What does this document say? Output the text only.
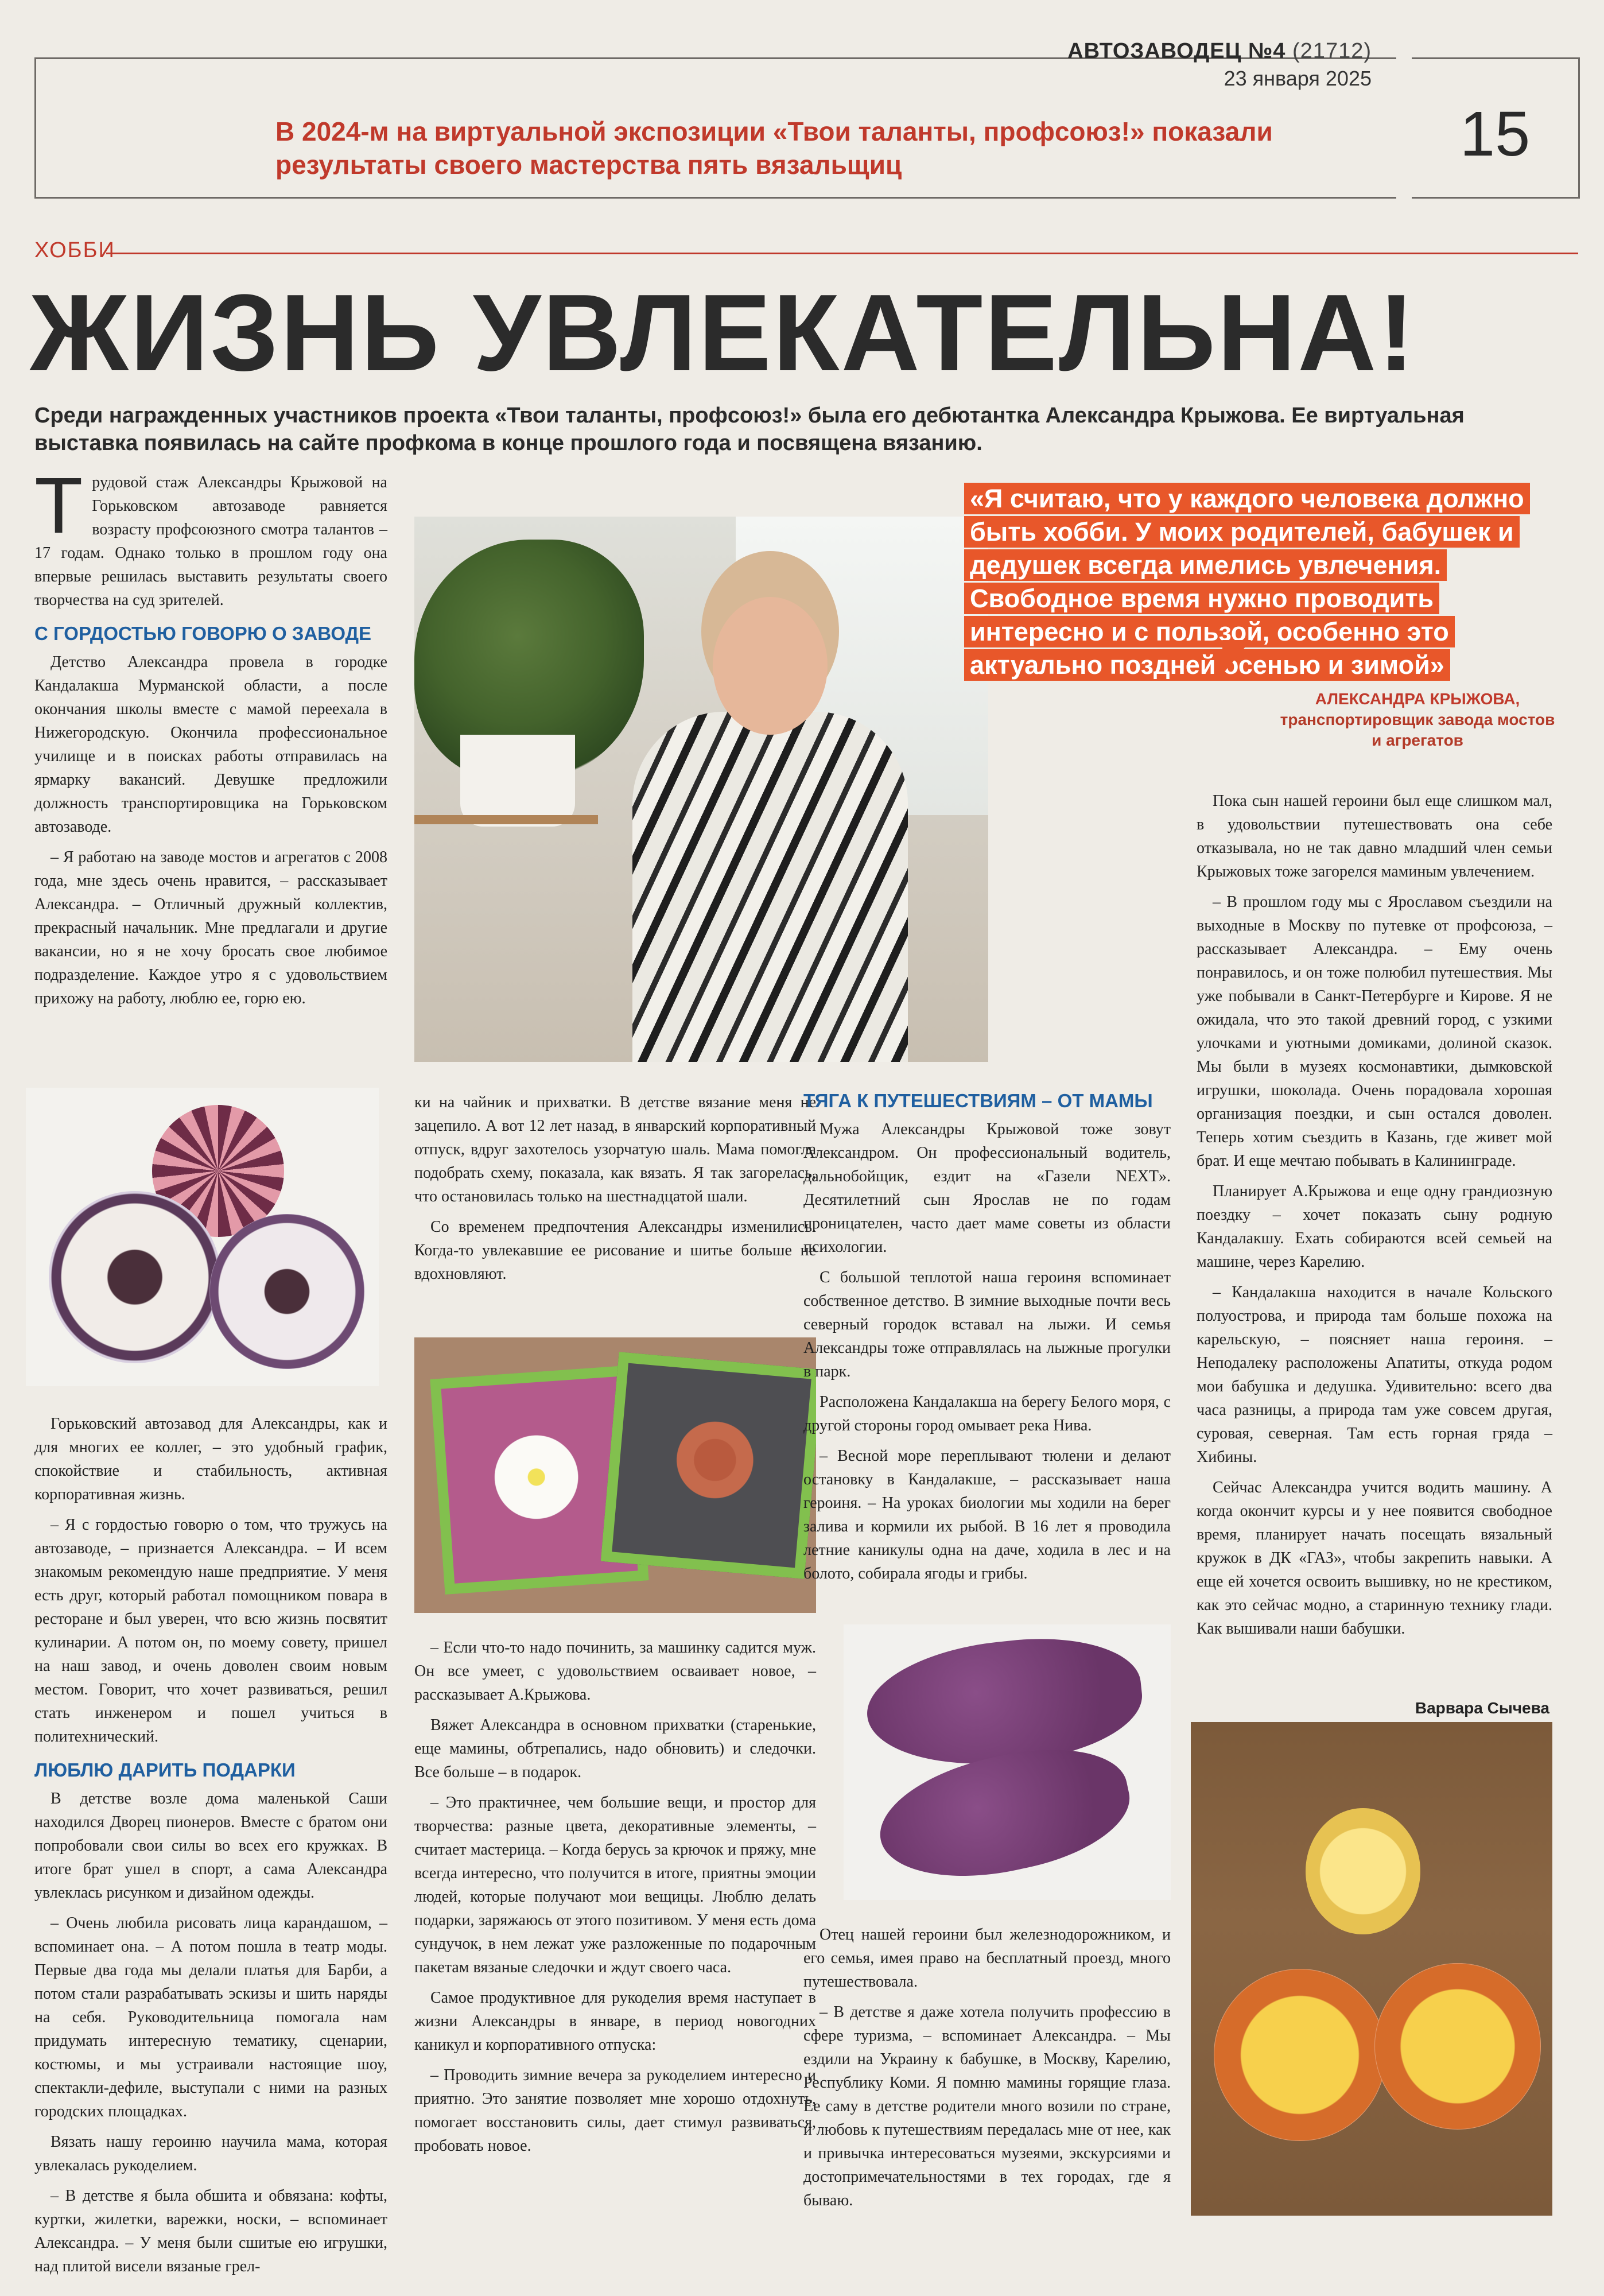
АВТОЗАВОДЕЦ №4 (21712)
23 января 2025
15
В 2024-м на виртуальной экспозиции «Твои таланты, профсоюз!» показали результаты своего мастерства пять вязальщиц
ХОББИ
ЖИЗНЬ УВЛЕКАТЕЛЬНА!
Среди награжденных участников проекта «Твои таланты, профсоюз!» была его дебютантка Александра Крыжова. Ее виртуальная выставка появилась на сайте профкома в конце прошлого года и посвящена вязанию.

Трудовой стаж Александры Крыжовой на Горьковском автозаводе равняется возрасту профсоюзного смотра талантов – 17 годам. Однако только в прошлом году она впервые решилась выставить результаты своего творчества на суд зрителей.

С ГОРДОСТЬЮ ГОВОРЮ О ЗАВОДЕ

Детство Александра провела в городке Кандалакша Мурманской области, а после окончания школы вместе с мамой переехала в Нижегородскую. Окончила профессиональное училище и в поисках работы отправилась на ярмарку вакансий. Девушке предложили должность транспортировщика на Горьковском автозаводе.

– Я работаю на заводе мостов и агрегатов с 2008 года, мне здесь очень нравится, – рассказывает Александра. – Отличный дружный коллектив, прекрасный начальник. Мне предлагали и другие вакансии, но я не хочу бросать свое любимое подразделение. Каждое утро я с удовольствием прихожу на работу, люблю ее, горю ею.

Горьковский автозавод для Александры, как и для многих ее коллег, – это удобный график, спокойствие и стабильность, активная корпоративная жизнь.

– Я с гордостью говорю о том, что тружусь на автозаводе, – признается Александра. – И всем знакомым рекомендую наше предприятие. У меня есть друг, который работал помощником повара в ресторане и был уверен, что всю жизнь посвятит кулинарии. А потом он, по моему совету, пришел на наш завод, и очень доволен своим новым местом. Говорит, что хочет развиваться, решил стать инженером и пошел учиться в политехнический.

ЛЮБЛЮ ДАРИТЬ ПОДАРКИ

В детстве возле дома маленькой Саши находился Дворец пионеров. Вместе с братом они попробовали свои силы во всех его кружках. В итоге брат ушел в спорт, а сама Александра увлеклась рисунком и дизайном одежды.

– Очень любила рисовать лица карандашом, – вспоминает она. – А потом пошла в театр моды. Первые два года мы делали платья для Барби, а потом стали разрабатывать эскизы и шить наряды на себя. Руководительница помогала нам придумать интересную тематику, сценарии, костюмы, и мы устраивали настоящие шоу, спектакли-дефиле, выступали с ними на разных городских площадках.

Вязать нашу героиню научила мама, которая увлекалась рукоделием.

– В детстве я была обшита и обвязана: кофты, куртки, жилетки, варежки, носки, – вспоминает Александра. – У меня были сшитые ею игрушки, над плитой висели вязаные грел-

«Я считаю, что у каждого человека должно быть хобби. У моих родителей, бабушек и дедушек всегда имелись увлечения. Свободное время нужно проводить интересно и с пользой, особенно это актуально поздней осенью и зимой»
АЛЕКСАНДРА КРЫЖОВА,
транспортировщик завода мостов и агрегатов

ки на чайник и прихватки. В детстве вязание меня не зацепило. А вот 12 лет назад, в январский корпоративный отпуск, вдруг захотелось узорчатую шаль. Мама помогла подобрать схему, показала, как вязать. Я так загорелась, что остановилась только на шестнадцатой шали.

Со временем предпочтения Александры изменились. Когда-то увлекавшие ее рисование и шитье больше не вдохновляют.

– Если что-то надо починить, за машинку садится муж. Он все умеет, с удовольствием осваивает новое, – рассказывает А.Крыжова.

Вяжет Александра в основном прихватки (старенькие, еще мамины, обтрепались, надо обновить) и следочки. Все больше – в подарок.

– Это практичнее, чем большие вещи, и простор для творчества: разные цвета, декоративные элементы, – считает мастерица. – Когда берусь за крючок и пряжу, мне всегда интересно, что получится в итоге, приятны эмоции людей, которые получают мои вещицы. Люблю делать подарки, заряжаюсь от этого позитивом. У меня есть дома сундучок, в нем лежат уже разложенные по подарочным пакетам вязаные следочки и ждут своего часа.

Самое продуктивное для рукоделия время наступает в жизни Александры в январе, в период новогодних каникул и корпоративного отпуска:

– Проводить зимние вечера за рукоделием интересно и приятно. Это занятие позволяет мне хорошо отдохнуть, помогает восстановить силы, дает стимул развиваться, пробовать новое.

ТЯГА К ПУТЕШЕСТВИЯМ – ОТ МАМЫ

Мужа Александры Крыжовой тоже зовут Александром. Он профессиональный водитель, дальнобойщик, ездит на «Газели NEXT». Десятилетний сын Ярослав не по годам проницателен, часто дает маме советы из области психологии.

С большой теплотой наша героиня вспоминает собственное детство. В зимние выходные почти весь северный городок вставал на лыжи. И семья Александры тоже отправлялась на лыжные прогулки в парк.

Расположена Кандалакша на берегу Белого моря, с другой стороны город омывает река Нива.

– Весной море переплывают тюлени и делают остановку в Кандалакше, – рассказывает наша героиня. – На уроках биологии мы ходили на берег залива и кормили их рыбой. В 16 лет я проводила летние каникулы одна на даче, ходила в лес и на болото, собирала ягоды и грибы.

Отец нашей героини был железнодорожником, и его семья, имея право на бесплатный проезд, много путешествовала.

– В детстве я даже хотела получить профессию в сфере туризма, – вспоминает Александра. – Мы ездили на Украину к бабушке, в Москву, Карелию, Республику Коми. Я помню мамины горящие глаза. Ее саму в детстве родители много возили по стране, и любовь к путешествиям передалась мне от нее, как и привычка интересоваться музеями, экскурсиями и достопримечательностями в тех городах, где я бываю.

Пока сын нашей героини был еще слишком мал, в удовольствии путешествовать она себе отказывала, но не так давно младший член семьи Крыжовых тоже загорелся маминым увлечением.

– В прошлом году мы с Ярославом съездили на выходные в Москву по путевке от профсоюза, – рассказывает Александра. – Ему очень понравилось, и он тоже полюбил путешествия. Мы уже побывали в Санкт-Петербурге и Кирове. Я не ожидала, что это такой древний город, с узкими улочками и уютными домиками, долиной сказок. Мы были в музеях космонавтики, дымковской игрушки, шоколада. Очень порадовала хорошая организация поездки, и сын остался доволен. Теперь хотим съездить в Казань, где живет мой брат. И еще мечтаю побывать в Калининграде.

Планирует А.Крыжова и еще одну грандиозную поездку – хочет показать сыну родную Кандалакшу. Ехать собираются всей семьей на машине, через Карелию.

– Кандалакша находится в начале Кольского полуострова, и природа там больше похожа на карельскую, – поясняет наша героиня. – Неподалеку расположены Апатиты, откуда родом мои бабушка и дедушка. Удивительно: всего два часа разницы, а природа там уже совсем другая, суровая, северная. Там есть горная гряда – Хибины.

Сейчас Александра учится водить машину. А когда окончит курсы и у нее появится свободное время, планирует начать посещать вязальный кружок в ДК «ГАЗ», чтобы закрепить навыки. А еще ей хочется освоить вышивку, но не крестиком, как это сейчас модно, а старинную технику глади. Как вышивали наши бабушки.

Варвара Сычева
